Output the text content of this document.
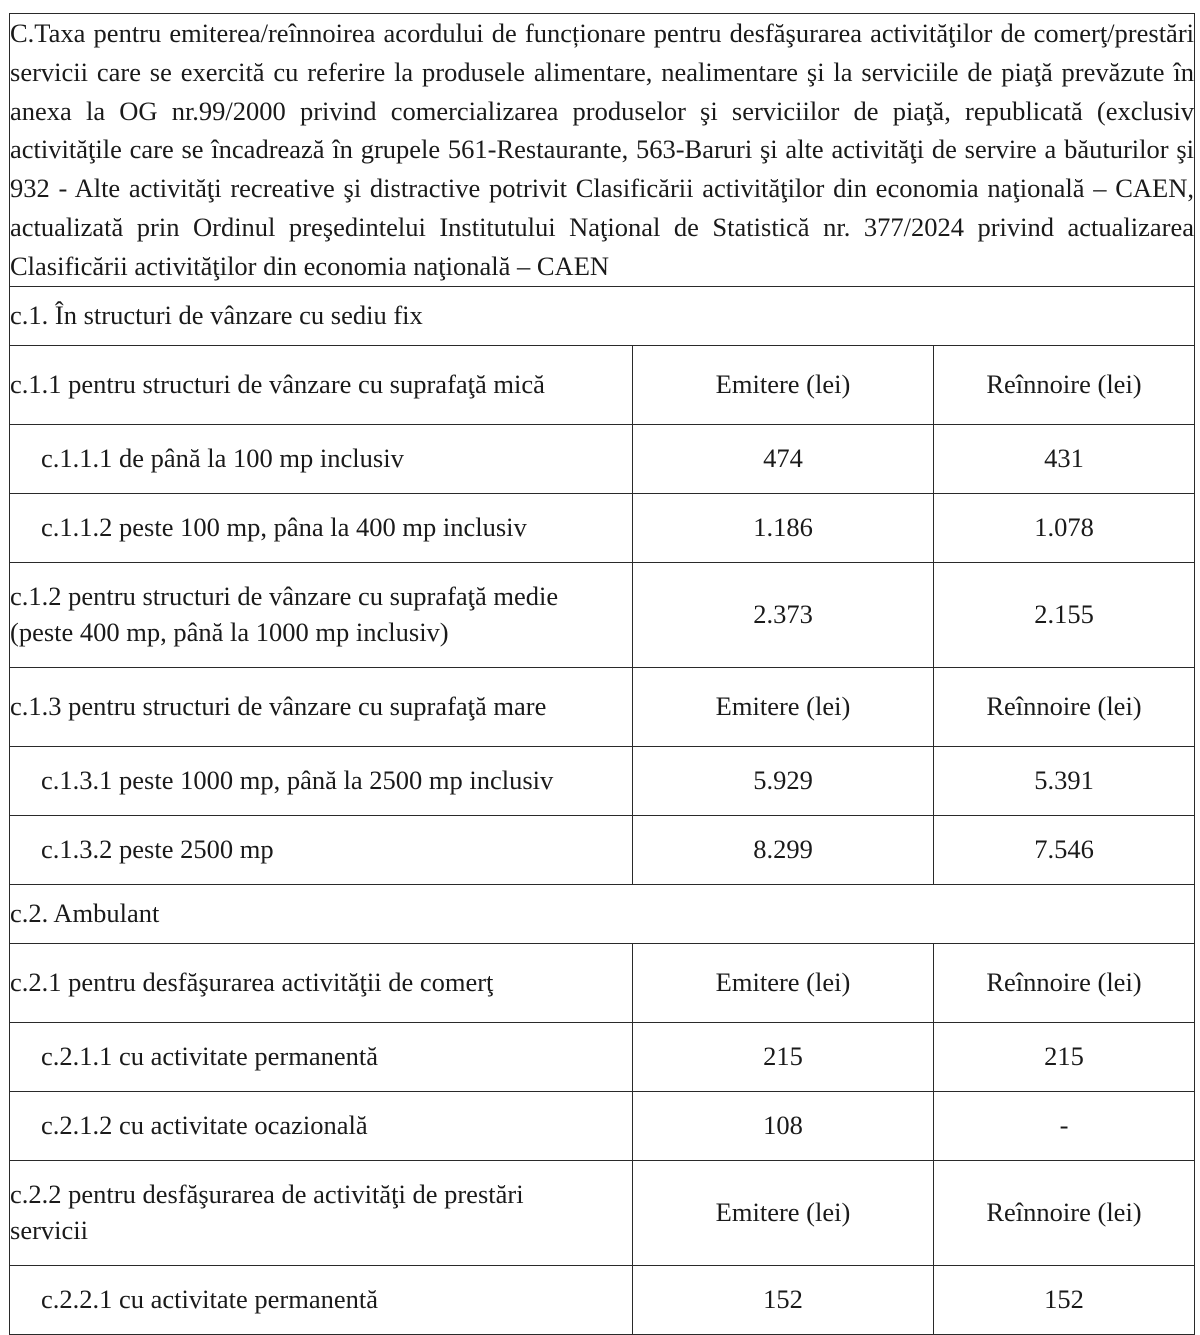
C.Taxa pentru emiterea/reînnoirea acordului de funcționare pentru desfăşurarea activităţilor de comerţ/prestări servicii care se exercită cu referire la produsele alimentare, nealimentare şi la serviciile de piaţă prevăzute în anexa la OG nr.99/2000 privind comercializarea produselor şi serviciilor de piaţă, republicată (exclusiv activităţile care se încadrează în grupele 561-Restaurante, 563-Baruri şi alte activităţi de servire a băuturilor şi 932 - Alte activităţi recreative şi distractive potrivit Clasificării activităţilor din economia naţională – CAEN, actualizată prin Ordinul preşedintelui Institutului Naţional de Statistică nr. 377/2024 privind actualizarea Clasificării activităţilor din economia naţională – CAEN		

c.1. În structuri de vânzare cu sediu fix		

c.1.1 pentru structuri de vânzare cu suprafaţă mică	Emitere (lei)	Reînnoire (lei)

c.1.1.1 de până la 100 mp inclusiv	474	431

c.1.1.2 peste 100 mp, pâna la 400 mp inclusiv	1.186	1.078

c.1.2 pentru structuri de vânzare cu suprafaţă medie

(peste 400 mp, până la 1000 mp inclusiv)	2.373	2.155

c.1.3 pentru structuri de vânzare cu suprafaţă mare	Emitere (lei)	Reînnoire (lei)

c.1.3.1 peste 1000 mp, până la 2500 mp inclusiv	5.929	5.391

c.1.3.2 peste 2500 mp	8.299	7.546

c.2. Ambulant		

c.2.1 pentru desfăşurarea activităţii de comerţ	Emitere (lei)	Reînnoire (lei)

c.2.1.1 cu activitate permanentă	215	215

c.2.1.2 cu activitate ocazională	108	-

c.2.2 pentru desfăşurarea de activităţi de prestări

servicii	Emitere (lei)	Reînnoire (lei)

c.2.2.1 cu activitate permanentă	152	152
